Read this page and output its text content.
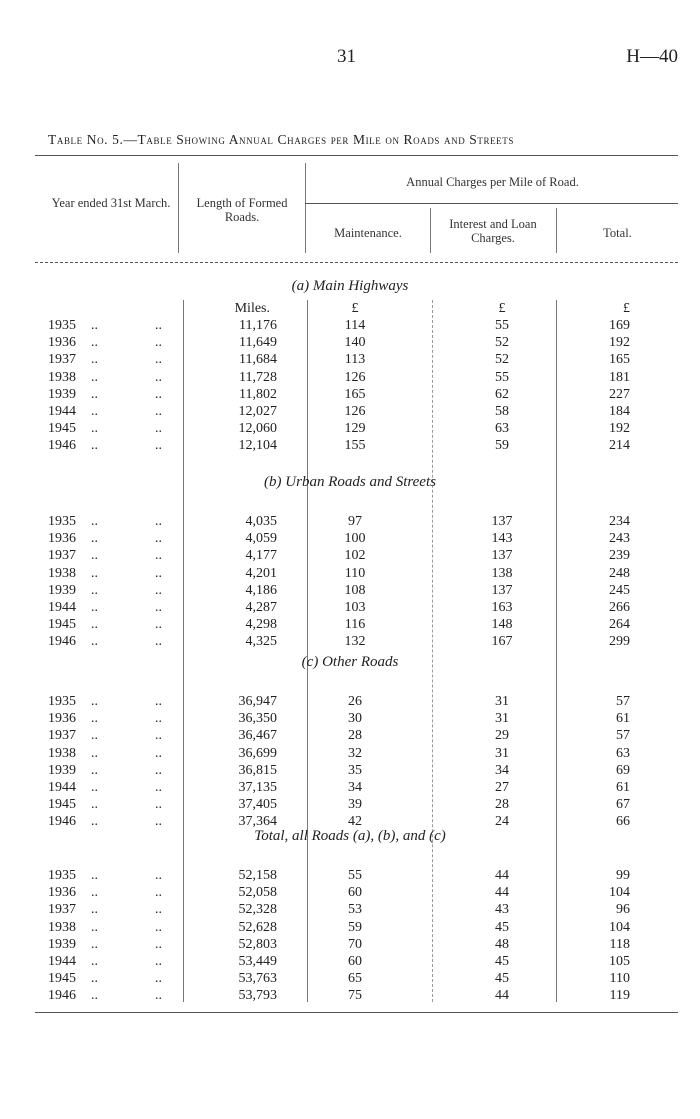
31	H—40
Table No. 5.—Table Showing Annual Charges per Mile on Roads and Streets
Year ended 31st March.	Length of Formed Roads.
Annual Charges per Mile of Road.
Maintenance.
Interest and Loan Charges.	Total.
Miles.	£	£	£
(a) Main Highways
1935 ..	..	11,176	114	55	169
1936 ..	..	11,649	140	52	192
1937 ..	..	11,684	113	52	165
1938 ..	..	11,728	126	55	181
1939 ..	..	11,802	165	62	227
1944 ..	..	12,027	126	58	184
1945 ..	..	12,060	129	63	192
1946 ..	..	12,104	155	59	214
(b) Urban Roads and Streets
1935 ..	..	4,035	97	137	234
1936 ..	..	4,059	100	143	243
1937 ..	..	4,177	102	137	239
1938 ..	..	4,201	110	138	248
1939 ..	..	4,186	108	137	245
1944 ..	..	4,287	103	163	266
1945 ..	..	4,298	116	148	264
1946 ..	..	4,325	132	167	299
(c) Other Roads
1935 ..	..	36,947	26	31	57
1936 ..	..	36,350	30	31	61
1937 ..	..	36,467	28	29	57
1938 ..	..	36,699	32	31	63
1939 ..	..	36,815	35	34	69
1944 ..	..	37,135	34	27	61
1945 ..	..	37,405	39	28	67
1946 ..	..	37,364	42	24	66
Total, all Roads (a), (b), and (c)
1935 ..	..	52,158	55	44	99
1936 ..	..	52,058	60	44	104
1937 ..	..	52,328	53	43	96
1938 ..	..	52,628	59	45	104
1939 ..	..	52,803	70	48	118
1944 ..	..	53,449	60	45	105
1945 ..	..	53,763	65	45	110
1946 ..	..	53,793	75	44	119
